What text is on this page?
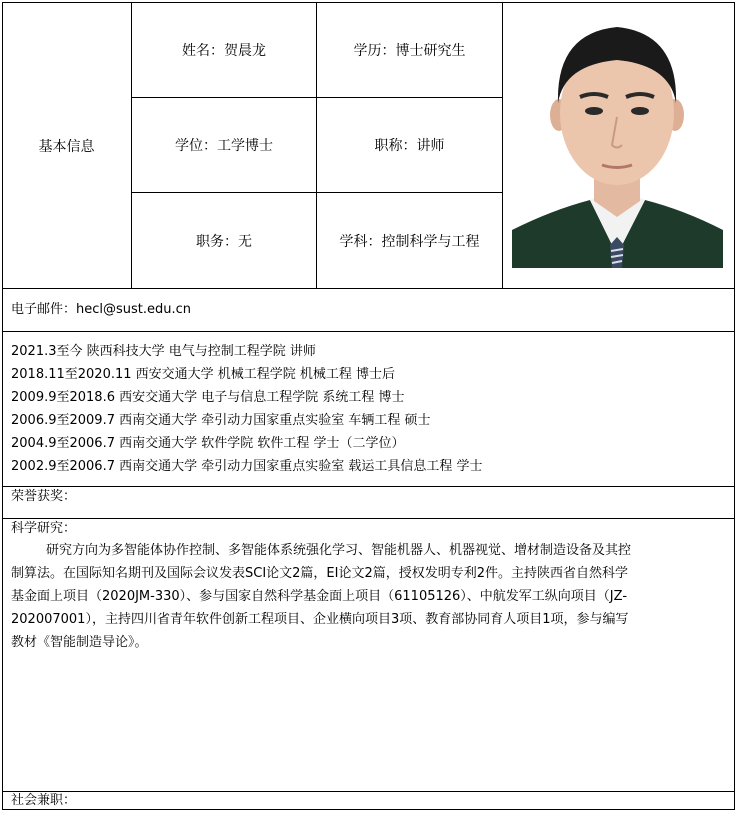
基本信息
姓名：贺晨龙	学历：博士研究生
学位：工学博士	职称：讲师
职务：无	学科：控制科学与工程
电子邮件：hecl@sust.edu.cn
2021.3至今 陕西科技大学 电气与控制工程学院 讲师
2018.11至2020.11 西安交通大学 机械工程学院 机械工程 博士后
2009.9至2018.6 西安交通大学 电子与信息工程学院 系统工程 博士
2006.9至2009.7 西南交通大学 牵引动力国家重点实验室 车辆工程 硕士
2004.9至2006.7 西南交通大学 软件学院 软件工程 学士（二学位）
2002.9至2006.7 西南交通大学 牵引动力国家重点实验室 载运工具信息工程 学士
荣誉获奖：
科学研究：
研究方向为多智能体协作控制、多智能体系统强化学习、智能机器人、机器视觉、增材制造设备及其控
制算法。在国际知名期刊及国际会议发表SCI论文2篇，EI论文2篇，授权发明专利2件。主持陕西省自然科学
基金面上项目（2020JM-330）、参与国家自然科学基金面上项目（61105126）、中航发军工纵向项目（JZ-
202007001），主持四川省青年软件创新工程项目、企业横向项目3项、教育部协同育人项目1项，参与编写
教材《智能制造导论》。
社会兼职：
